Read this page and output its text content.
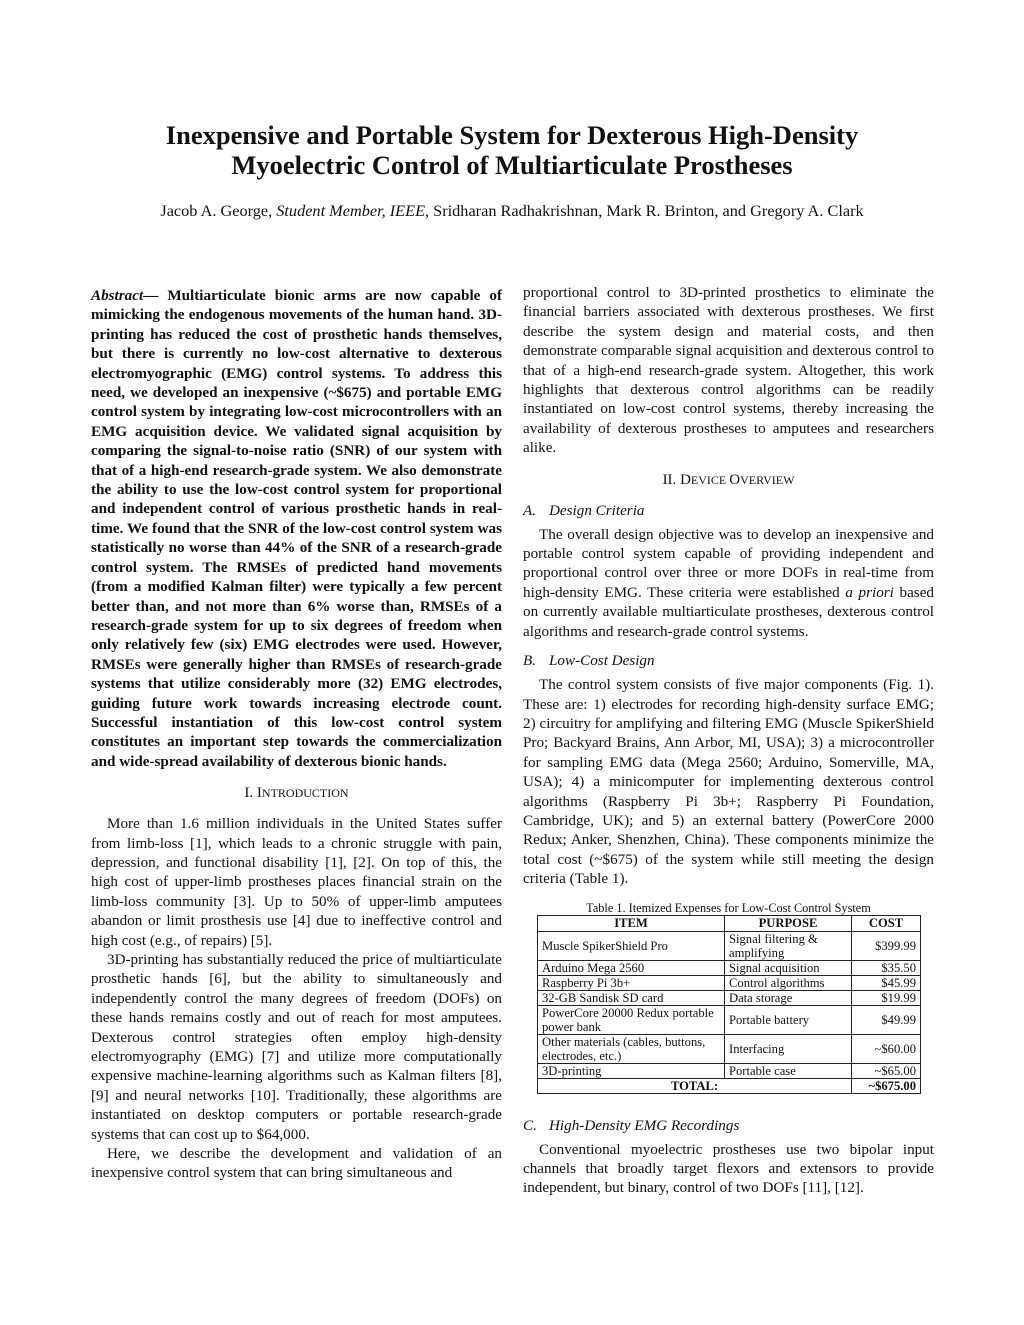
Inexpensive and Portable System for Dexterous High-Density
Myoelectric Control of Multiarticulate Prostheses
Jacob A. George, Student Member, IEEE, Sridharan Radhakrishnan, Mark R. Brinton, and Gregory A. Clark

Abstract— Multiarticulate bionic arms are now capable of mimicking the endogenous movements of the human hand. 3D-printing has reduced the cost of prosthetic hands themselves, but there is currently no low-cost alternative to dexterous electromyographic (EMG) control systems. To address this need, we developed an inexpensive (~$675) and portable EMG control system by integrating low-cost microcontrollers with an EMG acquisition device. We validated signal acquisition by comparing the signal-to-noise ratio (SNR) of our system with that of a high-end research-grade system. We also demonstrate the ability to use the low-cost control system for proportional and independent control of various prosthetic hands in real-time. We found that the SNR of the low-cost control system was statistically no worse than 44% of the SNR of a research-grade control system. The RMSEs of predicted hand movements (from a modified Kalman filter) were typically a few percent better than, and not more than 6% worse than, RMSEs of a research-grade system for up to six degrees of freedom when only relatively few (six) EMG electrodes were used. However, RMSEs were generally higher than RMSEs of research-grade systems that utilize considerably more (32) EMG electrodes, guiding future work towards increasing electrode count. Successful instantiation of this low-cost control system constitutes an important step towards the commercialization and wide-spread availability of dexterous bionic hands.

I. INTRODUCTION

More than 1.6 million individuals in the United States suffer from limb-loss [1], which leads to a chronic struggle with pain, depression, and functional disability [1], [2]. On top of this, the high cost of upper-limb prostheses places financial strain on the limb-loss community [3]. Up to 50% of upper-limb amputees abandon or limit prosthesis use [4] due to ineffective control and high cost (e.g., of repairs) [5].

3D-printing has substantially reduced the price of multiarticulate prosthetic hands [6], but the ability to simultaneously and independently control the many degrees of freedom (DOFs) on these hands remains costly and out of reach for most amputees. Dexterous control strategies often employ high-density electromyography (EMG) [7] and utilize more computationally expensive machine-learning algorithms such as Kalman filters [8], [9] and neural networks [10]. Traditionally, these algorithms are instantiated on desktop computers or portable research-grade systems that can cost up to $64,000.

Here, we describe the development and validation of an inexpensive control system that can bring simultaneous and

proportional control to 3D-printed prosthetics to eliminate the financial barriers associated with dexterous prostheses. We first describe the system design and material costs, and then demonstrate comparable signal acquisition and dexterous control to that of a high-end research-grade system. Altogether, this work highlights that dexterous control algorithms can be readily instantiated on low-cost control systems, thereby increasing the availability of dexterous prostheses to amputees and researchers alike.

II. DEVICE OVERVIEW
A. Design Criteria

The overall design objective was to develop an inexpensive and portable control system capable of providing independent and proportional control over three or more DOFs in real-time from high-density EMG. These criteria were established a priori based on currently available multiarticulate prostheses, dexterous control algorithms and research-grade control systems.

B. Low-Cost Design

The control system consists of five major components (Fig. 1). These are: 1) electrodes for recording high-density surface EMG; 2) circuitry for amplifying and filtering EMG (Muscle SpikerShield Pro; Backyard Brains, Ann Arbor, MI, USA); 3) a microcontroller for sampling EMG data (Mega 2560; Arduino, Somerville, MA, USA); 4) a minicomputer for implementing dexterous control algorithms (Raspberry Pi 3b+; Raspberry Pi Foundation, Cambridge, UK); and 5) an external battery (PowerCore 2000 Redux; Anker, Shenzhen, China). These components minimize the total cost (~$675) of the system while still meeting the design criteria (Table 1).

Table 1. Itemized Expenses for Low-Cost Control System
ITEM	PURPOSE	COST
Muscle SpikerShield Pro	Signal filtering & amplifying	$399.99
Arduino Mega 2560	Signal acquisition	$35.50
Raspberry Pi 3b+	Control algorithms	$45.99
32-GB Sandisk SD card	Data storage	$19.99
PowerCore 20000 Redux portable power bank	Portable battery	$49.99
Other materials (cables, buttons, electrodes, etc.)	Interfacing	~$60.00
3D-printing	Portable case	~$65.00
TOTAL:		~$675.00
C. High-Density EMG Recordings

Conventional myoelectric prostheses use two bipolar input channels that broadly target flexors and extensors to provide independent, but binary, control of two DOFs [11], [12].
